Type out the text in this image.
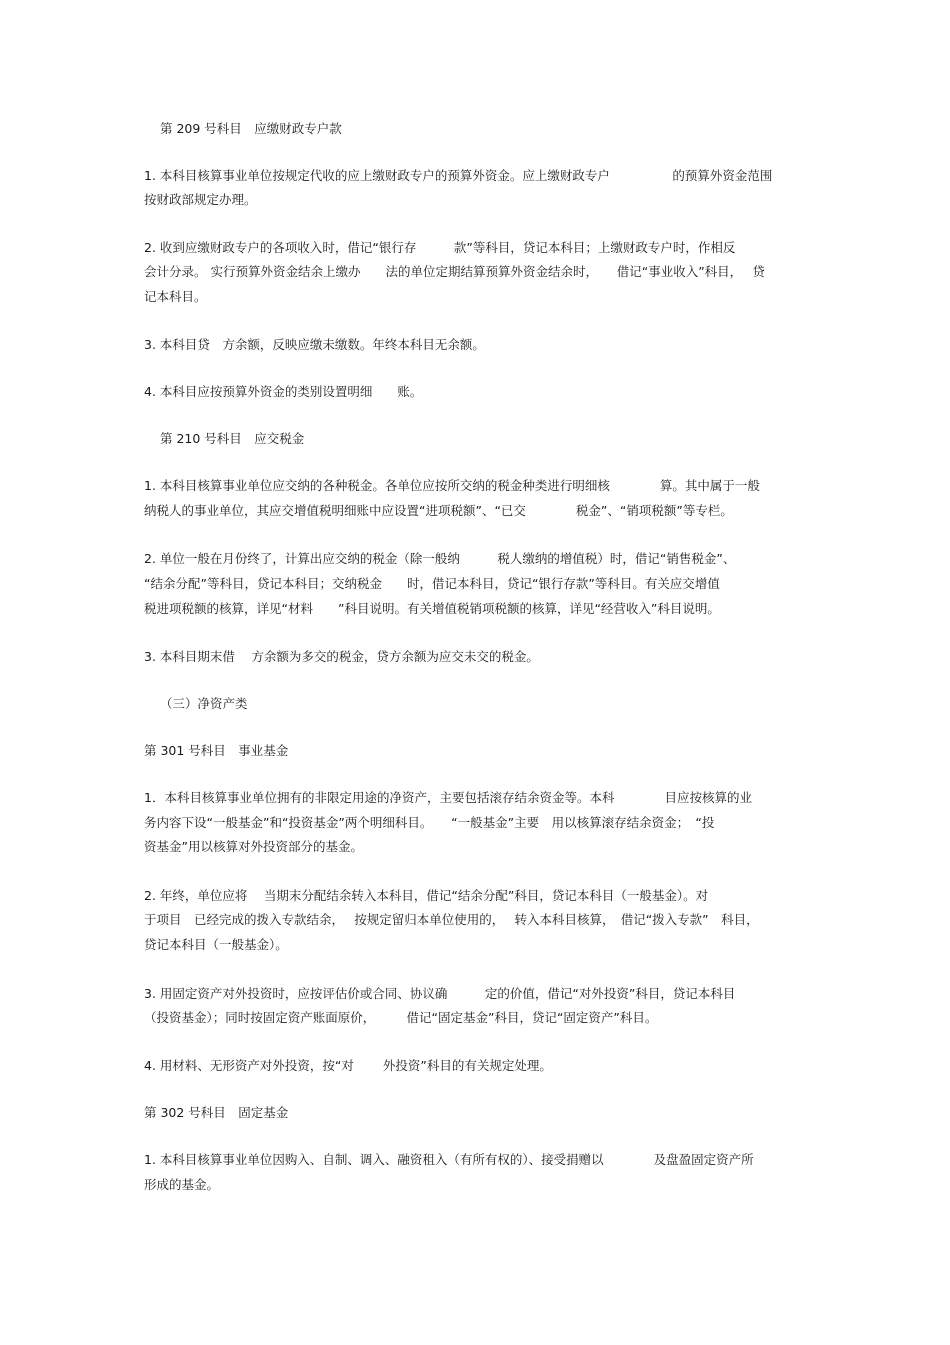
第 209 号科目　应缴财政专户款
1. 本科目核算事业单位按规定代收的应上缴财政专户的预算外资金。应上缴财政专户　　　　　的预算外资金范围
按财政部规定办理。
2. 收到应缴财政专户的各项收入时，借记“银行存　　　款”等科目，贷记本科目；上缴财政专户时，作相反
会计分录。 实行预算外资金结余上缴办　　法的单位定期结算预算外资金结余时，　　借记“事业收入”科目，　 贷
记本科目。
3. 本科目贷　方余额，反映应缴未缴数。年终本科目无余额。
4. 本科目应按预算外资金的类别设置明细　　账。
第 210 号科目　应交税金
1. 本科目核算事业单位应交纳的各种税金。各单位应按所交纳的税金种类进行明细核　　　　算。其中属于一般
纳税人的事业单位，其应交增值税明细账中应设置“进项税额”、“已交　　　　税金”、“销项税额”等专栏。
2. 单位一般在月份终了，计算出应交纳的税金（除一般纳　　　税人缴纳的增值税）时，借记“销售税金”、
“结余分配”等科目，贷记本科目；交纳税金　　时，借记本科目，贷记“银行存款”等科目。有关应交增值
税进项税额的核算，详见“材料　　”科目说明。有关增值税销项税额的核算，详见“经营收入”科目说明。
3. 本科目期末借　 方余额为多交的税金，贷方余额为应交未交的税金。
（三）净资产类
第 301 号科目　事业基金
1．本科目核算事业单位拥有的非限定用途的净资产，主要包括滚存结余资金等。本科　　　　目应按核算的业
务内容下设“一般基金”和“投资基金”两个明细科目。　　“一般基金”主要　用以核算滚存结余资金；　“投
资基金”用以核算对外投资部分的基金。
2. 年终，单位应将　 当期末分配结余转入本科目，借记“结余分配”科目，贷记本科目（一般基金）。对
于项目　已经完成的拨入专款结余，　 按规定留归本单位使用的，　 转入本科目核算，　借记“拨入专款”　科目，
贷记本科目（一般基金）。
3. 用固定资产对外投资时，应按评估价或合同、协议确　　　定的价值，借记“对外投资”科目，贷记本科目
（投资基金）；同时按固定资产账面原价，　　　借记“固定基金”科目，贷记“固定资产”科目。
4. 用材料、无形资产对外投资，按“对　　 外投资”科目的有关规定处理。
第 302 号科目　固定基金
1. 本科目核算事业单位因购入、自制、调入、融资租入（有所有权的）、接受捐赠以　　　　及盘盈固定资产所
形成的基金。
